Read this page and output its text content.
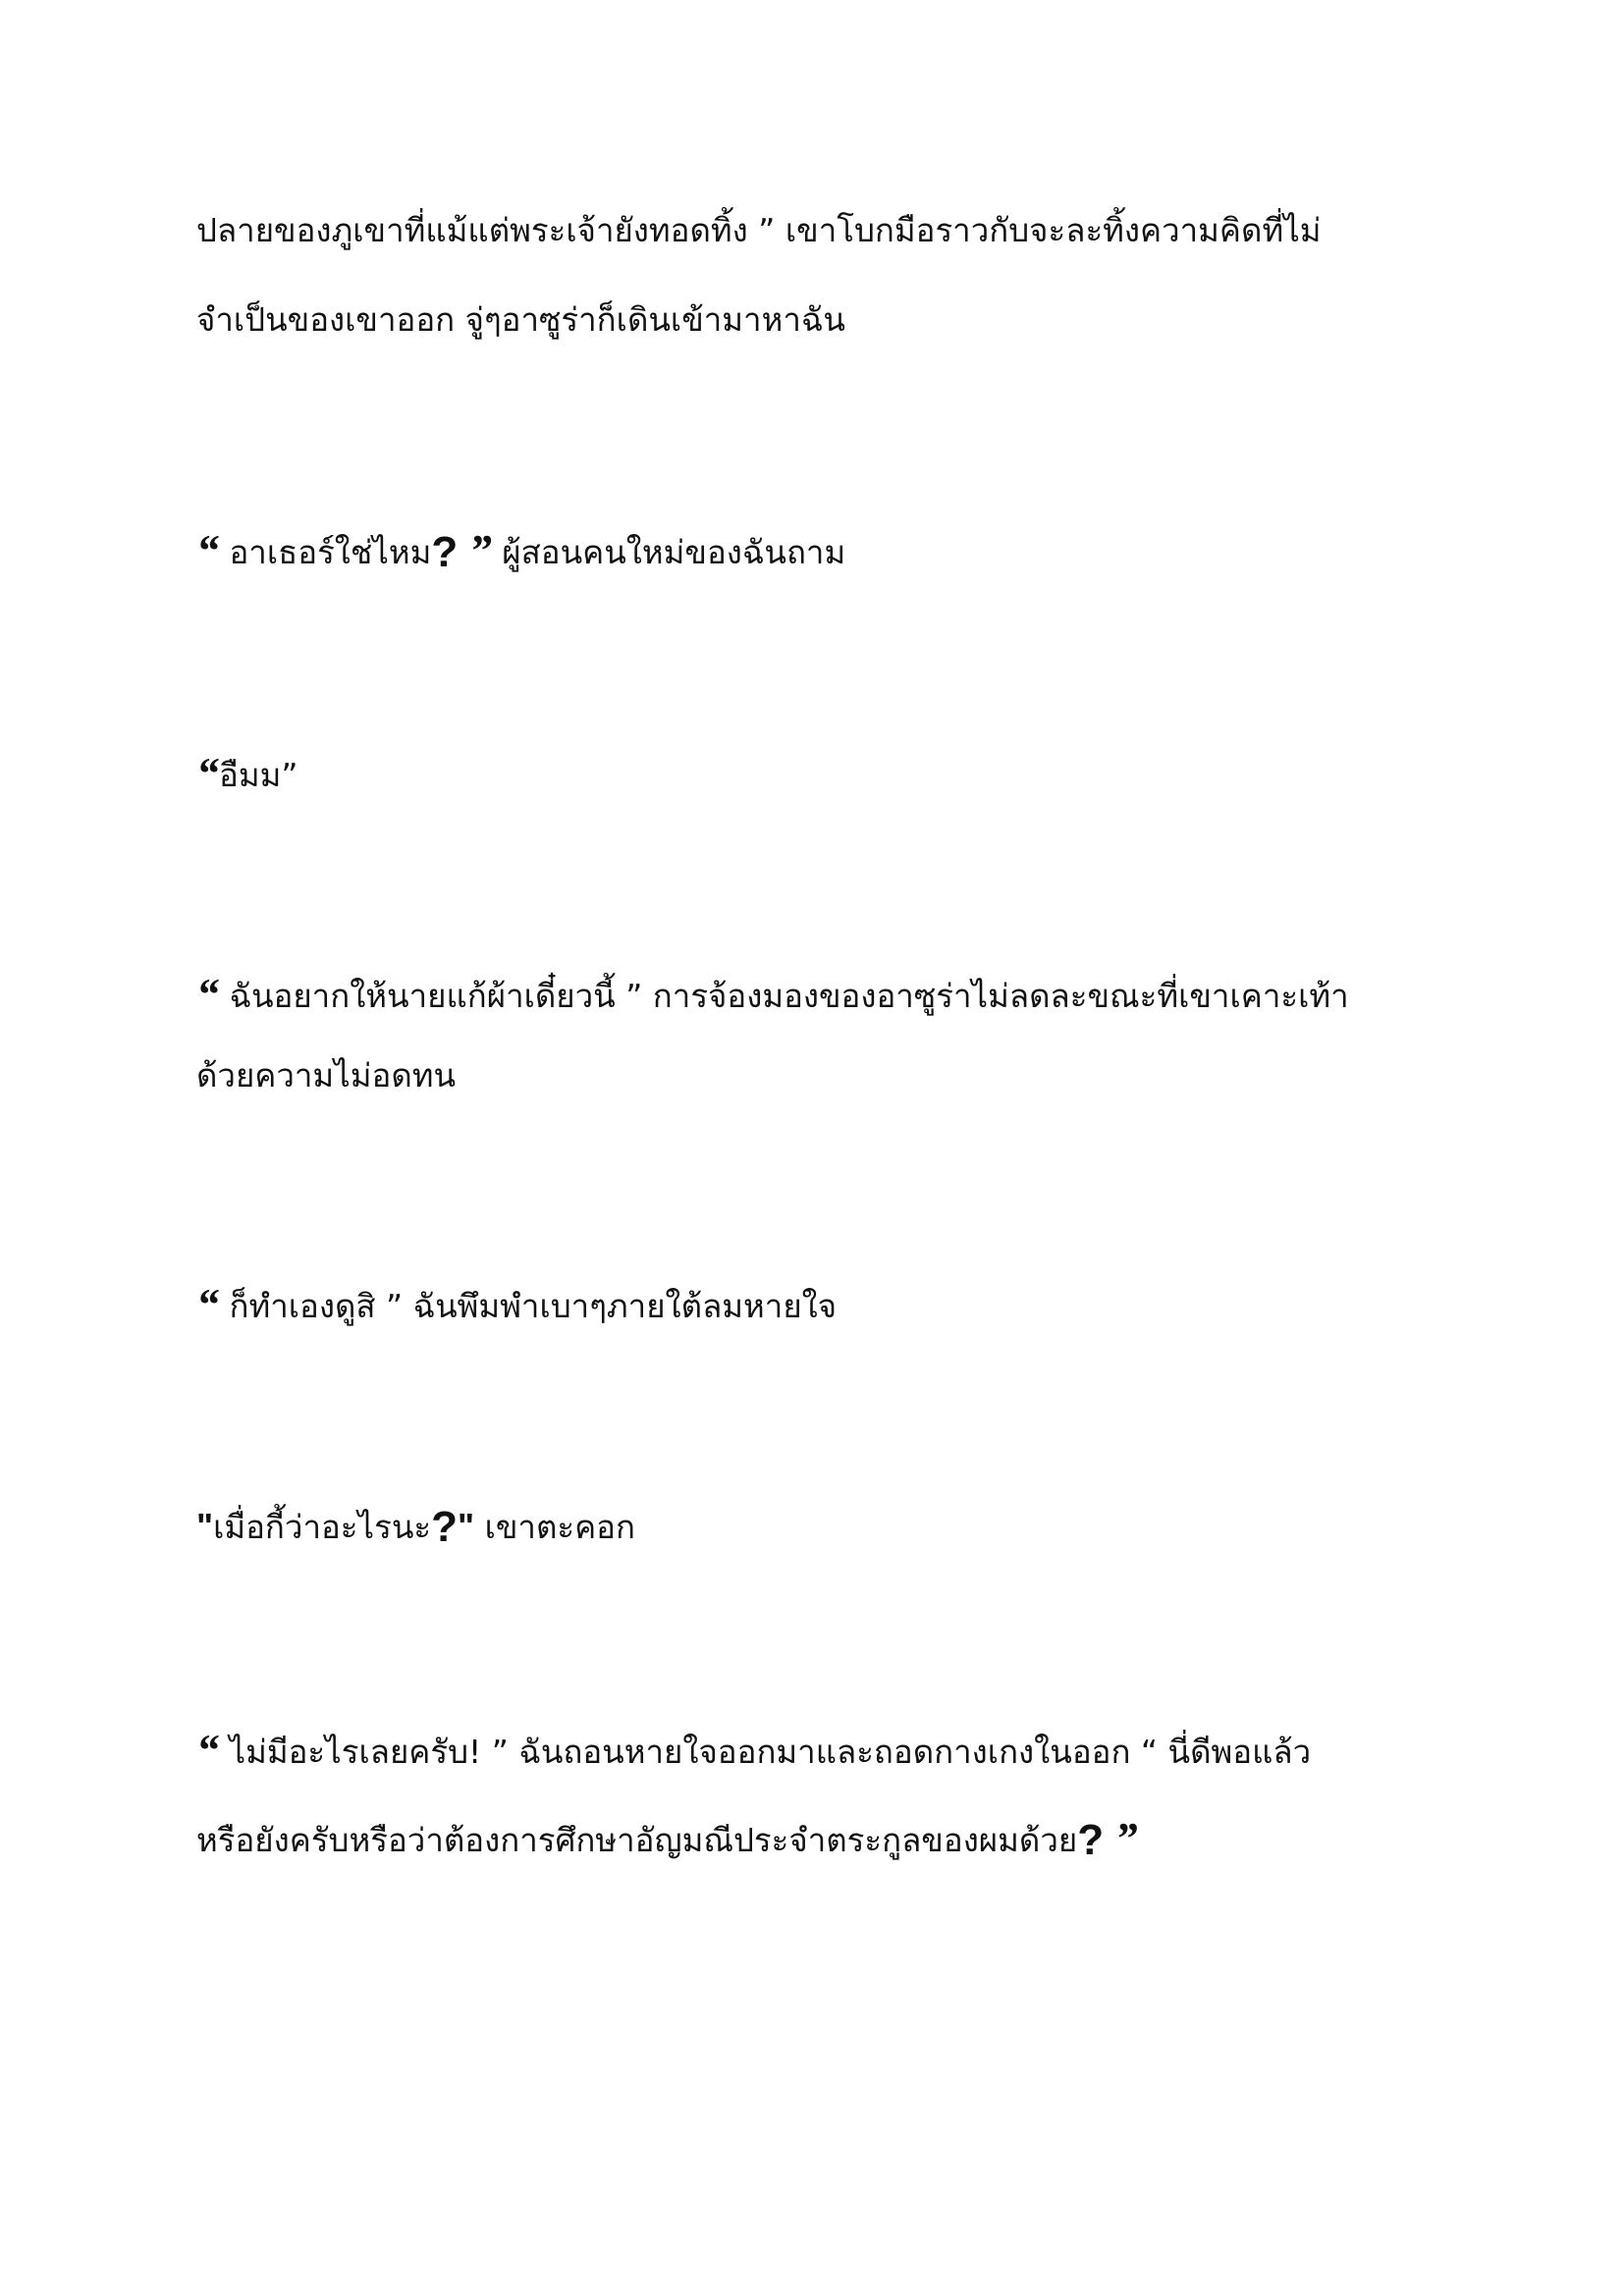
ปลายของภูเขาที่แม้แต่พระเจ้ายังทอดทิ้ง ” เขาโบกมือราวกับจะละทิ้งความคิดที่ไม่
จำเป็นของเขาออก จู่ๆอาซูร่าก็เดินเข้ามาหาฉัน
“ อาเธอร์ใช่ไหม? ” ผู้สอนคนใหม่ของฉันถาม
“อืมม”
“ ฉันอยากให้นายแก้ผ้าเดี๋ยวนี้ ” การจ้องมองของอาซูร่าไม่ลดละขณะที่เขาเคาะเท้า
ด้วยความไม่อดทน
“ ก็ทำเองดูสิ ” ฉันพึมพำเบาๆภายใต้ลมหายใจ
"เมื่อกี้ว่าอะไรนะ?" เขาตะคอก
“ ไม่มีอะไรเลยครับ! ” ฉันถอนหายใจออกมาและถอดกางเกงในออก “ นี่ดีพอแล้ว
หรือยังครับหรือว่าต้องการศึกษาอัญมณีประจำตระกูลของผมด้วย? ”
